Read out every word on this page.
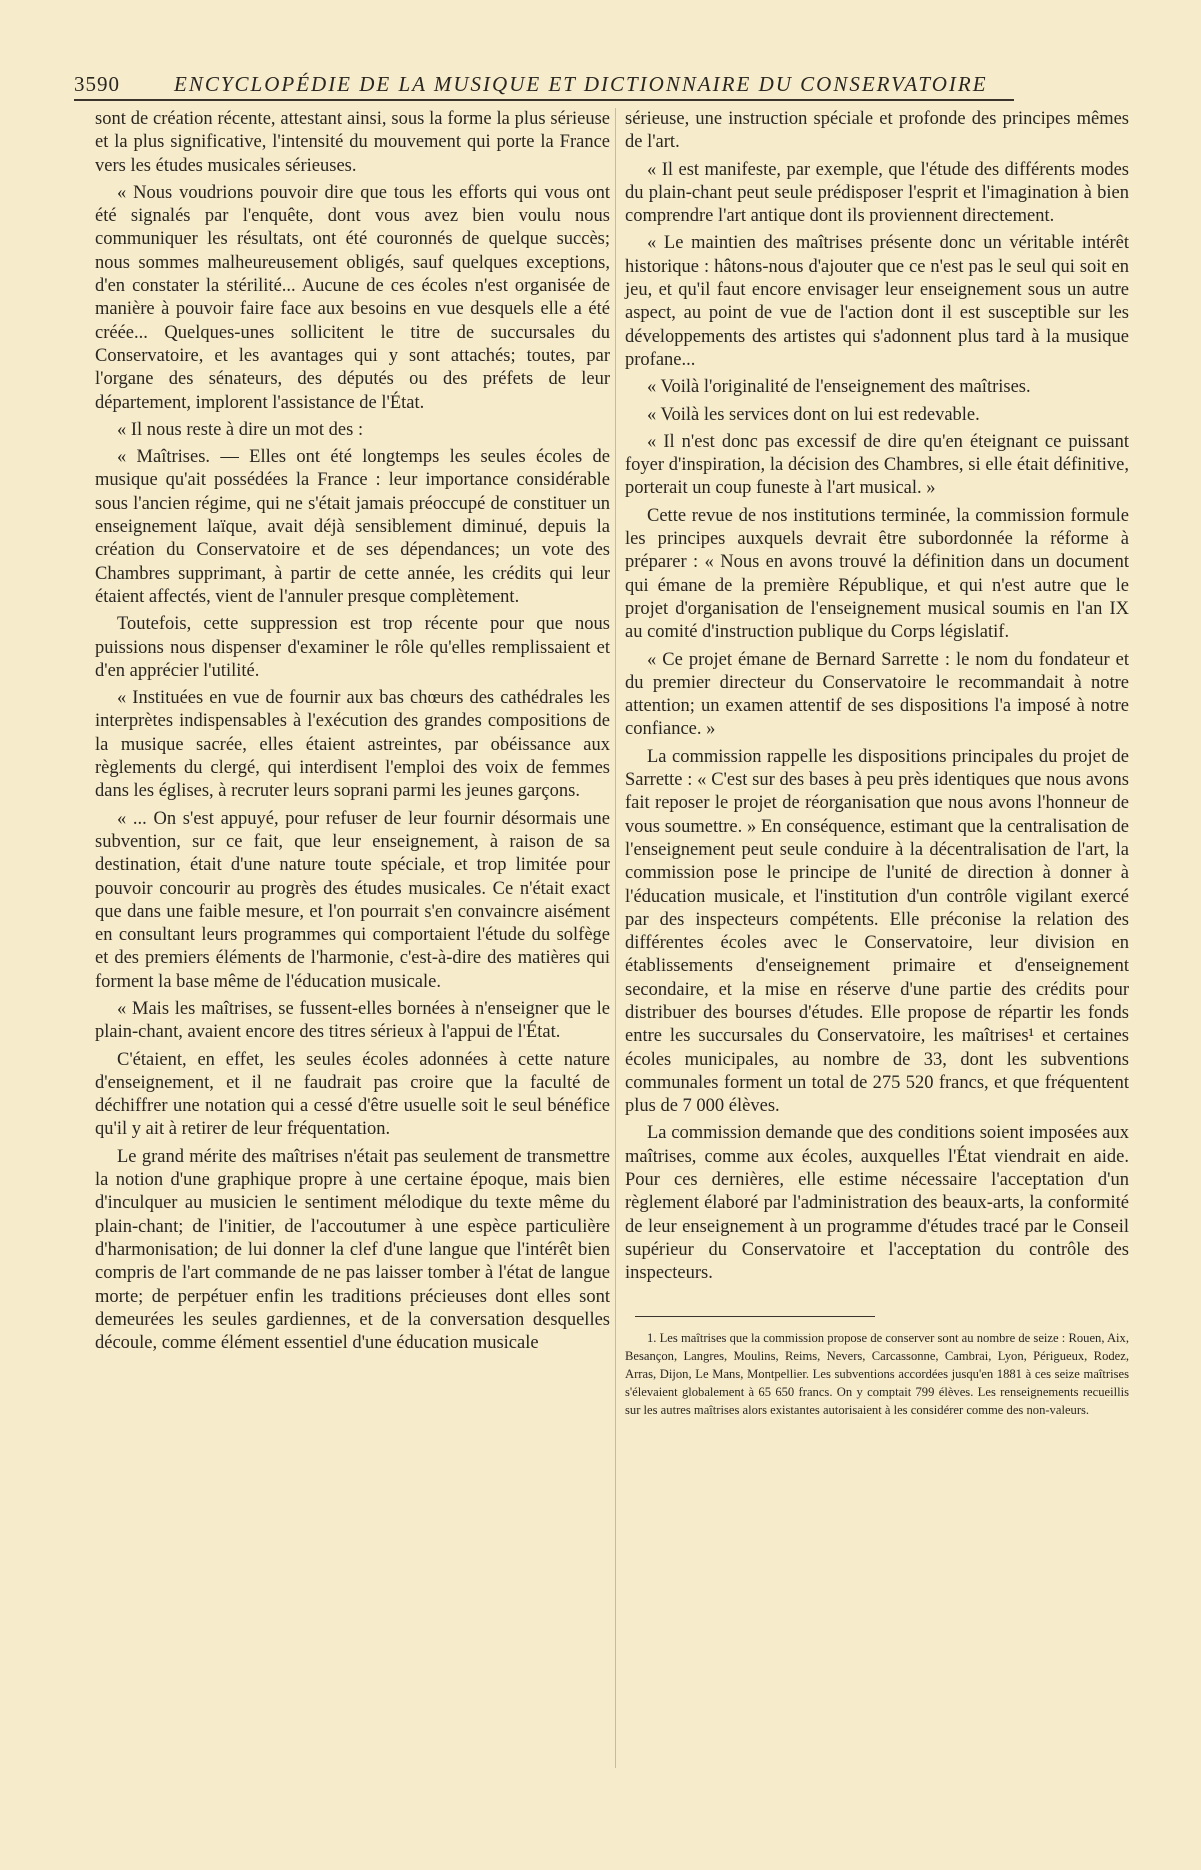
3590	ENCYCLOPÉDIE DE LA MUSIQUE ET DICTIONNAIRE DU CONSERVATOIRE

sont de création récente, attestant ainsi, sous la forme la plus sérieuse et la plus significative, l'intensité du mouvement qui porte la France vers les études musicales sérieuses.

« Nous voudrions pouvoir dire que tous les efforts qui vous ont été signalés par l'enquête, dont vous avez bien voulu nous communiquer les résultats, ont été couronnés de quelque succès; nous sommes malheureusement obligés, sauf quelques exceptions, d'en constater la stérilité... Aucune de ces écoles n'est organisée de manière à pouvoir faire face aux besoins en vue desquels elle a été créée... Quelques-unes sollicitent le titre de succursales du Conservatoire, et les avantages qui y sont attachés; toutes, par l'organe des sénateurs, des députés ou des préfets de leur département, implorent l'assistance de l'État.

« Il nous reste à dire un mot des :

« Maîtrises. — Elles ont été longtemps les seules écoles de musique qu'ait possédées la France : leur importance considérable sous l'ancien régime, qui ne s'était jamais préoccupé de constituer un enseignement laïque, avait déjà sensiblement diminué, depuis la création du Conservatoire et de ses dépendances; un vote des Chambres supprimant, à partir de cette année, les crédits qui leur étaient affectés, vient de l'annuler presque complètement.

Toutefois, cette suppression est trop récente pour que nous puissions nous dispenser d'examiner le rôle qu'elles remplissaient et d'en apprécier l'utilité.

« Instituées en vue de fournir aux bas chœurs des cathédrales les interprètes indispensables à l'exécution des grandes compositions de la musique sacrée, elles étaient astreintes, par obéissance aux règlements du clergé, qui interdisent l'emploi des voix de femmes dans les églises, à recruter leurs soprani parmi les jeunes garçons.

« ... On s'est appuyé, pour refuser de leur fournir désormais une subvention, sur ce fait, que leur enseignement, à raison de sa destination, était d'une nature toute spéciale, et trop limitée pour pouvoir concourir au progrès des études musicales. Ce n'était exact que dans une faible mesure, et l'on pourrait s'en convaincre aisément en consultant leurs programmes qui comportaient l'étude du solfège et des premiers éléments de l'harmonie, c'est-à-dire des matières qui forment la base même de l'éducation musicale.

« Mais les maîtrises, se fussent-elles bornées à n'enseigner que le plain-chant, avaient encore des titres sérieux à l'appui de l'État.

C'étaient, en effet, les seules écoles adonnées à cette nature d'enseignement, et il ne faudrait pas croire que la faculté de déchiffrer une notation qui a cessé d'être usuelle soit le seul bénéfice qu'il y ait à retirer de leur fréquentation.

Le grand mérite des maîtrises n'était pas seulement de transmettre la notion d'une graphique propre à une certaine époque, mais bien d'inculquer au musicien le sentiment mélodique du texte même du plain-chant; de l'initier, de l'accoutumer à une espèce particulière d'harmonisation; de lui donner la clef d'une langue que l'intérêt bien compris de l'art commande de ne pas laisser tomber à l'état de langue morte; de perpétuer enfin les traditions précieuses dont elles sont demeurées les seules gardiennes, et de la conversation desquelles découle, comme élément essentiel d'une éducation musicale

sérieuse, une instruction spéciale et profonde des principes mêmes de l'art.

« Il est manifeste, par exemple, que l'étude des différents modes du plain-chant peut seule prédisposer l'esprit et l'imagination à bien comprendre l'art antique dont ils proviennent directement.

« Le maintien des maîtrises présente donc un véritable intérêt historique : hâtons-nous d'ajouter que ce n'est pas le seul qui soit en jeu, et qu'il faut encore envisager leur enseignement sous un autre aspect, au point de vue de l'action dont il est susceptible sur les développements des artistes qui s'adonnent plus tard à la musique profane...

« Voilà l'originalité de l'enseignement des maîtrises.

« Voilà les services dont on lui est redevable.

« Il n'est donc pas excessif de dire qu'en éteignant ce puissant foyer d'inspiration, la décision des Chambres, si elle était définitive, porterait un coup funeste à l'art musical. »

Cette revue de nos institutions terminée, la commission formule les principes auxquels devrait être subordonnée la réforme à préparer : « Nous en avons trouvé la définition dans un document qui émane de la première République, et qui n'est autre que le projet d'organisation de l'enseignement musical soumis en l'an IX au comité d'instruction publique du Corps législatif.

« Ce projet émane de Bernard Sarrette : le nom du fondateur et du premier directeur du Conservatoire le recommandait à notre attention; un examen attentif de ses dispositions l'a imposé à notre confiance. »

La commission rappelle les dispositions principales du projet de Sarrette : « C'est sur des bases à peu près identiques que nous avons fait reposer le projet de réorganisation que nous avons l'honneur de vous soumettre. » En conséquence, estimant que la centralisation de l'enseignement peut seule conduire à la décentralisation de l'art, la commission pose le principe de l'unité de direction à donner à l'éducation musicale, et l'institution d'un contrôle vigilant exercé par des inspecteurs compétents. Elle préconise la relation des différentes écoles avec le Conservatoire, leur division en établissements d'enseignement primaire et d'enseignement secondaire, et la mise en réserve d'une partie des crédits pour distribuer des bourses d'études. Elle propose de répartir les fonds entre les succursales du Conservatoire, les maîtrises¹ et certaines écoles municipales, au nombre de 33, dont les subventions communales forment un total de 275 520 francs, et que fréquentent plus de 7 000 élèves.

La commission demande que des conditions soient imposées aux maîtrises, comme aux écoles, auxquelles l'État viendrait en aide. Pour ces dernières, elle estime nécessaire l'acceptation d'un règlement élaboré par l'administration des beaux-arts, la conformité de leur enseignement à un programme d'études tracé par le Conseil supérieur du Conservatoire et l'acceptation du contrôle des inspecteurs.

1. Les maîtrises que la commission propose de conserver sont au nombre de seize : Rouen, Aix, Besançon, Langres, Moulins, Reims, Nevers, Carcassonne, Cambrai, Lyon, Périgueux, Rodez, Arras, Dijon, Le Mans, Montpellier. Les subventions accordées jusqu'en 1881 à ces seize maîtrises s'élevaient globalement à 65 650 francs. On y comptait 799 élèves. Les renseignements recueillis sur les autres maîtrises alors existantes autorisaient à les considérer comme des non-valeurs.
